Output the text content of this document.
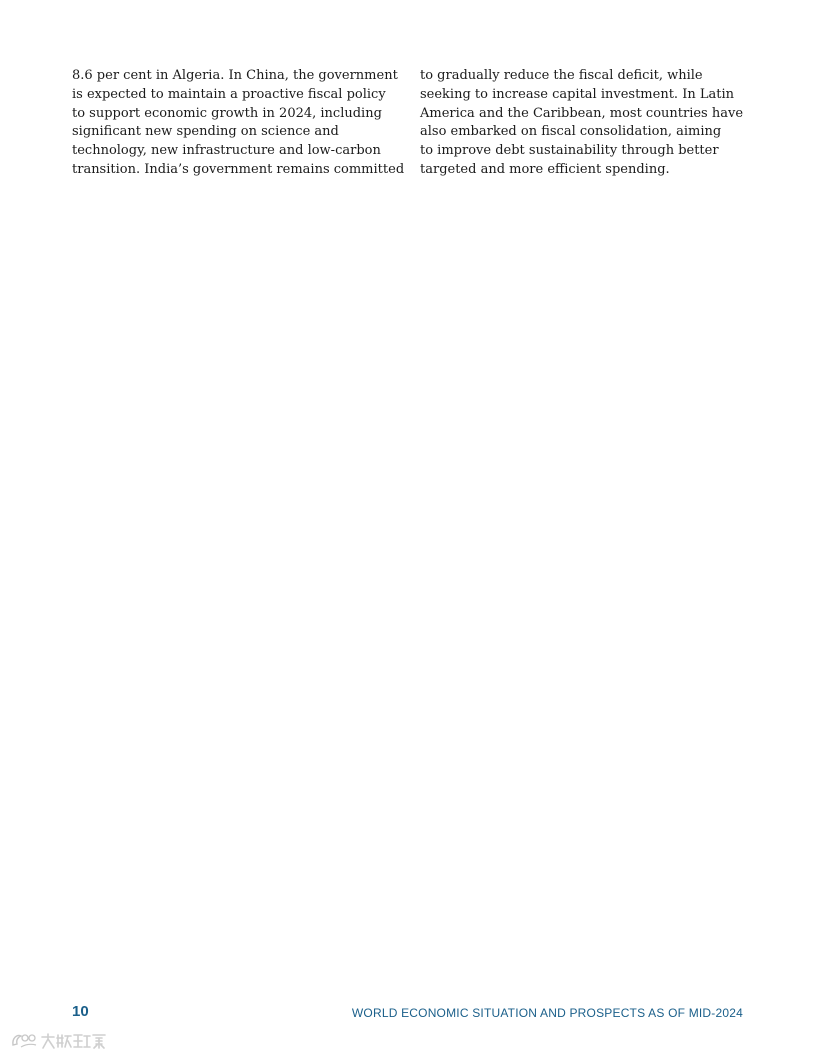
8.6 per cent in Algeria. In China, the government
is expected to maintain a proactive fiscal policy
to support economic growth in 2024, including
significant new spending on science and
technology, new infrastructure and low-carbon
transition. India’s government remains committed
to gradually reduce the fiscal deficit, while
seeking to increase capital investment. In Latin
America and the Caribbean, most countries have
also embarked on fiscal consolidation, aiming
to improve debt sustainability through better
targeted and more efficient spending.
10	WORLD ECONOMIC SITUATION AND PROSPECTS AS OF MID-2024
